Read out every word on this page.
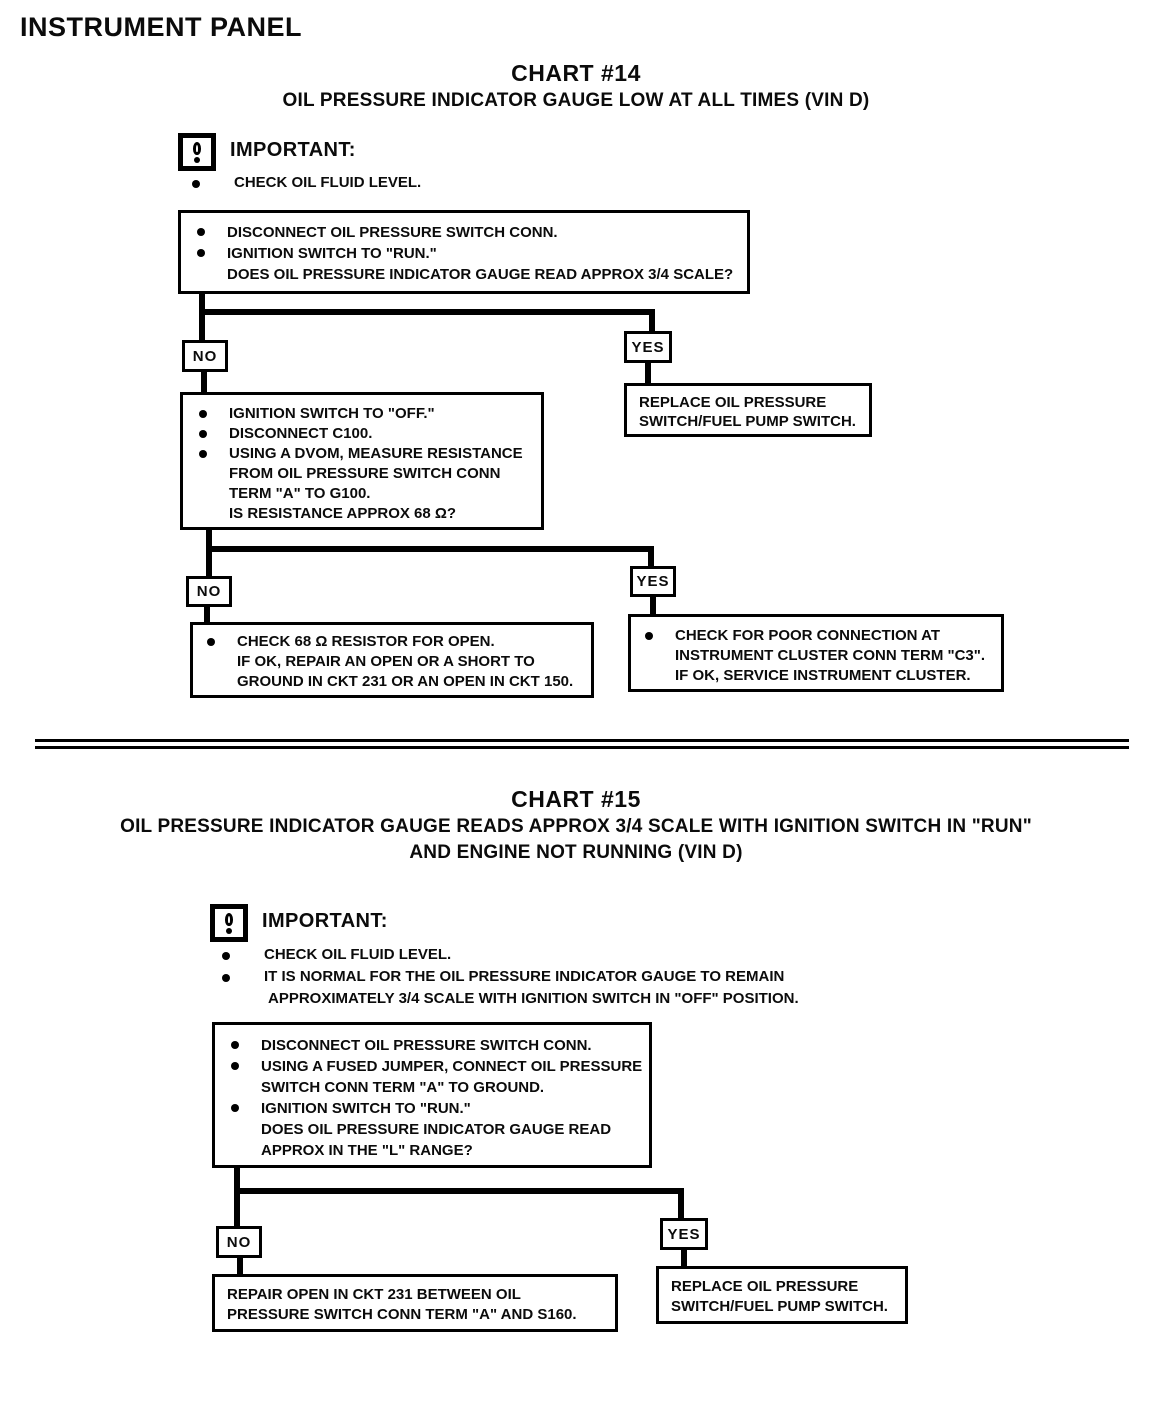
INSTRUMENT PANEL
CHART #14
OIL PRESSURE INDICATOR GAUGE LOW AT ALL TIMES (VIN D)
IMPORTANT:
CHECK OIL FLUID LEVEL.
DISCONNECT OIL PRESSURE SWITCH CONN.
IGNITION SWITCH TO "RUN."
DOES OIL PRESSURE INDICATOR GAUGE READ APPROX 3/4 SCALE?
NO
YES
REPLACE OIL PRESSURE
SWITCH/FUEL PUMP SWITCH.
IGNITION SWITCH TO "OFF."
DISCONNECT C100.
USING A DVOM, MEASURE RESISTANCE
FROM OIL PRESSURE SWITCH CONN
TERM "A" TO G100.
IS RESISTANCE APPROX 68 Ω?
NO
YES
CHECK 68 Ω RESISTOR FOR OPEN.
IF OK, REPAIR AN OPEN OR A SHORT TO
GROUND IN CKT 231 OR AN OPEN IN CKT 150.
CHECK FOR POOR CONNECTION AT
INSTRUMENT CLUSTER CONN TERM "C3".
IF OK, SERVICE INSTRUMENT CLUSTER.
CHART #15
OIL PRESSURE INDICATOR GAUGE READS APPROX 3/4 SCALE WITH IGNITION SWITCH IN "RUN"
AND ENGINE NOT RUNNING (VIN D)
IMPORTANT:
CHECK OIL FLUID LEVEL.
IT IS NORMAL FOR THE OIL PRESSURE INDICATOR GAUGE TO REMAIN
APPROXIMATELY 3/4 SCALE WITH IGNITION SWITCH IN "OFF" POSITION.
DISCONNECT OIL PRESSURE SWITCH CONN.
USING A FUSED JUMPER, CONNECT OIL PRESSURE
SWITCH CONN TERM "A" TO GROUND.
IGNITION SWITCH TO "RUN."
DOES OIL PRESSURE INDICATOR GAUGE READ
APPROX IN THE "L" RANGE?
NO	YES
REPAIR OPEN IN CKT 231 BETWEEN OIL
PRESSURE SWITCH CONN TERM "A" AND S160.
REPLACE OIL PRESSURE
SWITCH/FUEL PUMP SWITCH.
